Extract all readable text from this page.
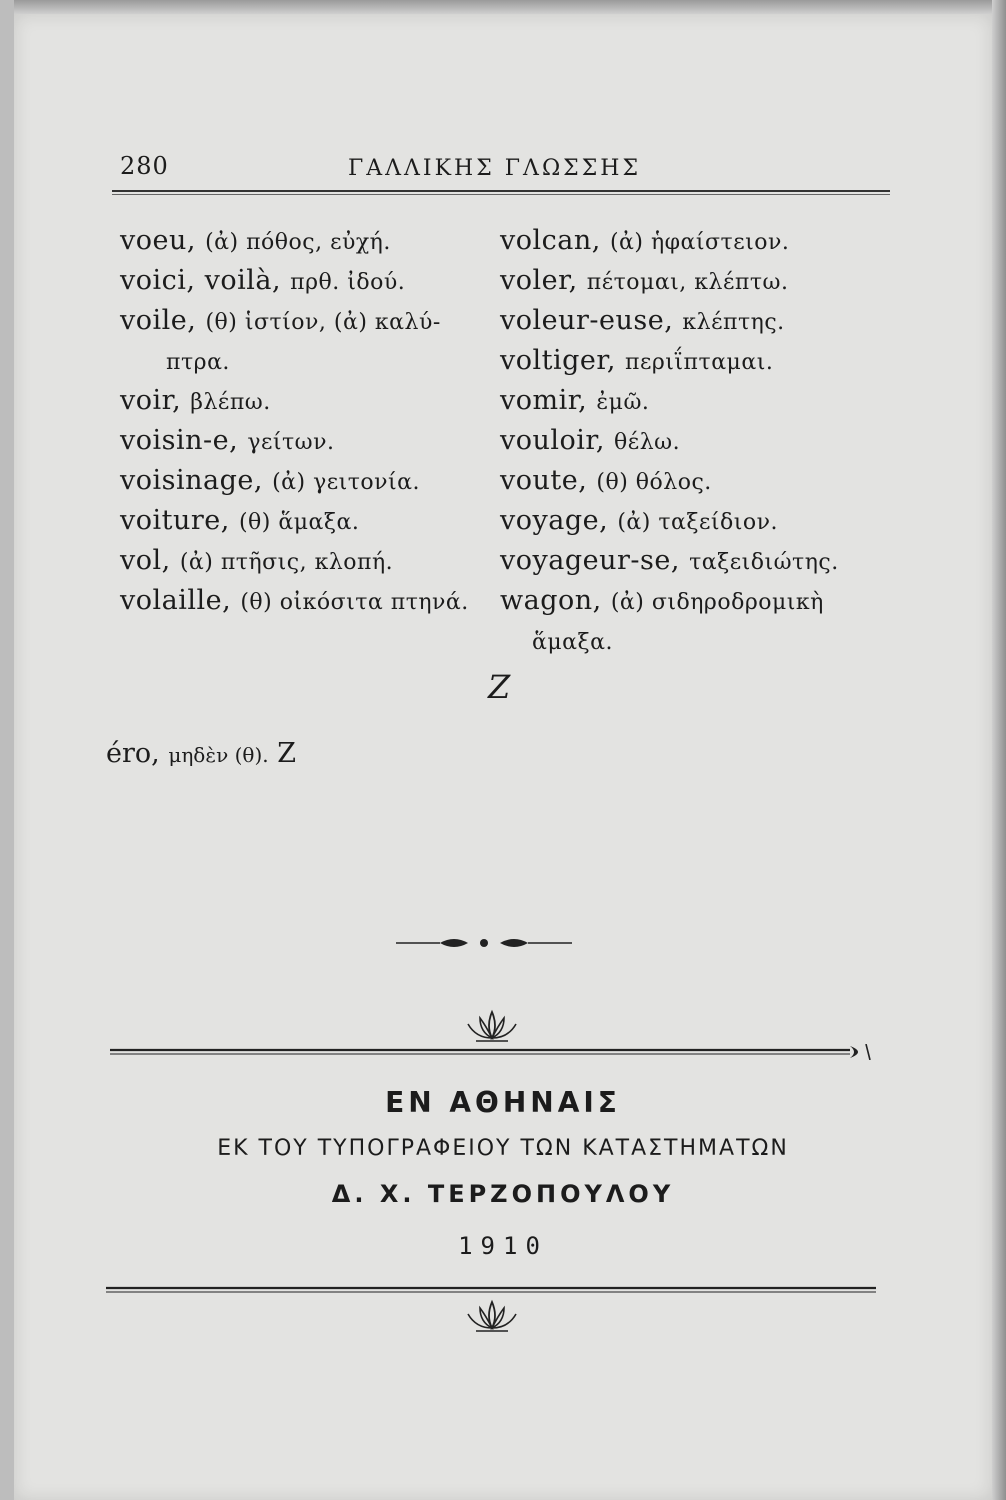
280	ΓΑΛΛΙΚΗΣ ΓΛΩΣΣΗΣ
voeu, (ἀ) πόθος, εὐχή.
voici, voilà, πρθ. ἰδού.
voile, (θ) ἱστίον, (ἀ) καλύ-
πτρα.
voir, βλέπω.
voisin-e, γείτων.
voisinage, (ἀ) γειτονία.
voiture, (θ) ἅμαξα.
vol, (ἀ) πτῆσις, κλοπή.
volaille, (θ) οἰκόσιτα πτηνά.
volcan, (ἀ) ἡφαίστειον.
voler, πέτομαι, κλέπτω.
voleur-euse, κλέπτης.
voltiger, περιΐπταμαι.
vomir, ἐμῶ.
vouloir, θέλω.
voute, (θ) θόλος.
voyage, (ἀ) ταξείδιον.
voyageur-se, ταξειδιώτης.
wagon, (ἀ) σιδηροδρομικὴ
ἅμαξα.
Z
éro, μηδὲν (θ). Z
ΕΝ ΑΘΗΝΑΙΣ
ΕΚ ΤΟΥ ΤΥΠΟΓΡΑΦΕΙΟΥ ΤΩΝ ΚΑΤΑΣΤΗΜΑΤΩΝ
Δ. Χ. ΤΕΡΖΟΠΟΥΛΟΥ
1910
